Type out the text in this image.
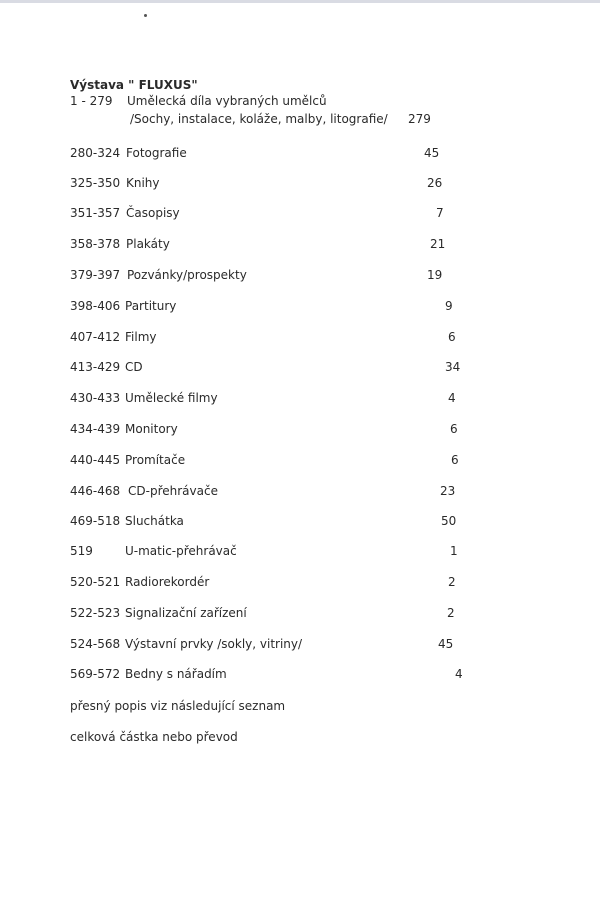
Výstava " FLUXUS"
1 - 279 Umělecká díla vybraných umělců
/Sochy, instalace, koláže, malby, litografie/ 279
280-324 Fotografie	45
325-350 Knihy	26
351-357 Časopisy	7
358-378 Plakáty	21
379-397 Pozvánky/prospekty	19
398-406 Partitury	9
407-412 Filmy	6
413-429 CD	34
430-433 Umělecké filmy	4
434-439 Monitory	6
440-445 Promítače	6
446-468 CD-přehrávače	23
469-518 Sluchátka	50
519	U-matic-přehrávač	1
520-521 Radiorekordér	2
522-523 Signalizační zařízení	2
524-568 Výstavní prvky /sokly, vitriny/	45
569-572 Bedny s nářadím	4
přesný popis viz následující seznam
celková částka nebo převod
